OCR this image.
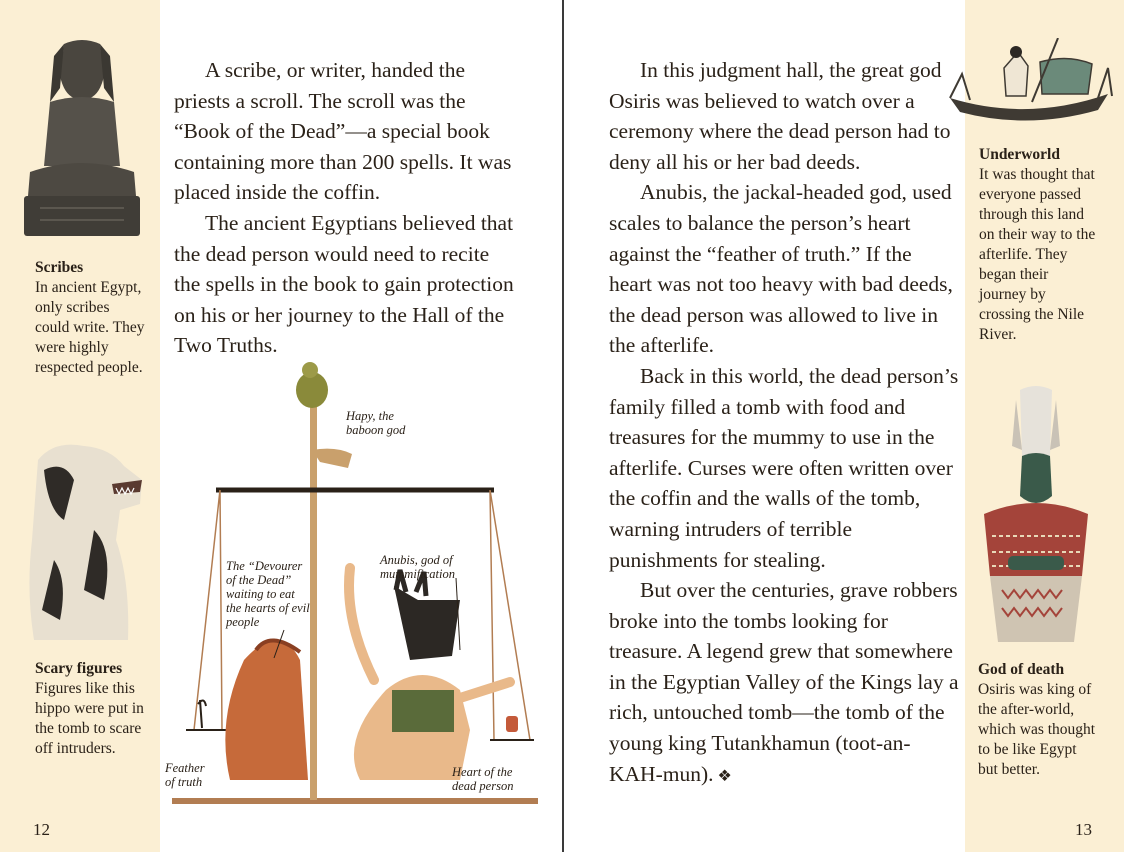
Hapy, the baboon god
The “Devourer of the Dead” waiting to eat the hearts of evil people
Anubis, god of mummification
Feather of truth
Heart of the dead person

A scribe, or writer, handed the priests a scroll. The scroll was the “Book of the Dead”—a special book containing more than 200 spells. It was placed inside the coffin.

The ancient Egyptians believed that the dead person would need to recite the spells in the book to gain protection on his or her journey to the Hall of the Two Truths.

In this judgment hall, the great god Osiris was believed to watch over a ceremony where the dead person had to deny all his or her bad deeds.

Anubis, the jackal-headed god, used scales to balance the person’s heart against the “feather of truth.” If the heart was not too heavy with bad deeds, the dead person was allowed to live in the afterlife.

Back in this world, the dead person’s family filled a tomb with food and treasures for the mummy to use in the afterlife. Curses were often written over the coffin and the walls of the tomb, warning intruders of terrible punishments for stealing.

But over the centuries, grave robbers broke into the tombs looking for treasure. A legend grew that somewhere in the Egyptian Valley of the Kings lay a rich, untouched tomb—the tomb of the young king Tutankhamun (toot-an-KAH-mun). ❖

Scribes
In ancient Egypt, only scribes could write. They were highly respected people.
Scary figures
Figures like this hippo were put in the tomb to scare off intruders.
Underworld
It was thought that everyone passed through this land on their way to the afterlife. They began their journey by crossing the Nile River.
God of death
Osiris was king of the after-world, which was thought to be like Egypt but better.
12	13
